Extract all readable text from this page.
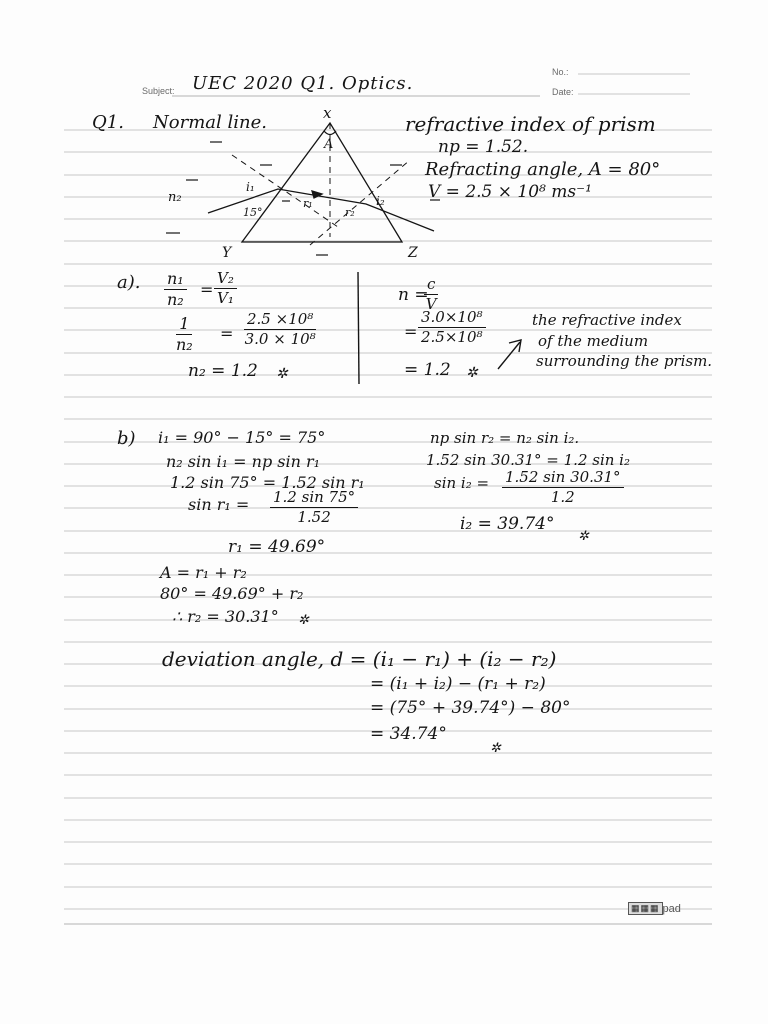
Subject:
No.:
Date:
UEC 2020 Q1. Optics.
Q1. Normal line.	refractive index of prism
np = 1.52.
Refracting angle, A = 80°
V = 2.5 × 10⁸ ms⁻¹
x
A
Y	Z
n₂
i₁
15°
r₁
r₂
i₂
a). $\frac{\text{n₁}}{\text{n₂}} = \frac{\text{V₂}}{\text{V₁}}$
$\frac{1}{\text{n₂}} = \frac{\text{2.5 ×10⁸}}{\text{3.0 × 10⁸}}$
n₂ = 1.2 ✲
n =
$\frac{c}{V}$
= $\frac{\text{3.0×10⁸}}{\text{2.5×10⁸}}$
= 1.2 ✲
the refractive index
of the medium
surrounding the prism.
b) i₁ = 90° − 15° = 75°
n₂ sin i₁ = np sin r₁
1.2 sin 75° = 1.52 sin r₁
$\sin r_1 = \frac{1.2 \sin 75^\circ}{1.52}$
r₁ = 49.69°
A = r₁ + r₂
80° = 49.69° + r₂
∴ r₂ = 30.31° ✲
np sin r₂ = n₂ sin i₂.
1.52 sin 30.31° = 1.2 sin i₂
$\sin i_2 = \frac{1.52 \sin 30.31^\circ}{1.2}$
i₂ = 39.74°
✲
deviation angle, d = (i₁ − r₁) + (i₂ − r₂)
= (i₁ + i₂) − (r₁ + r₂)
= (75° + 39.74°) − 80°
= 34.74°
✲
▦▦▦ pad
